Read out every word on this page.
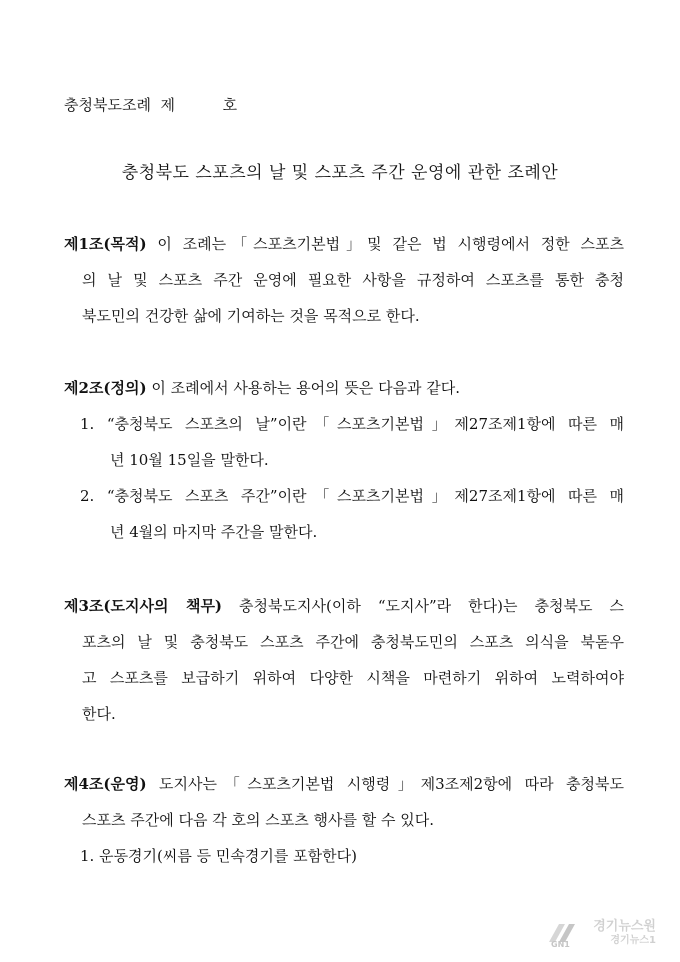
충청북도조례  제          호
충청북도 스포츠의 날 및 스포츠 주간 운영에 관한 조례안
제1조(목적) 이 조례는「스포츠기본법」및 같은 법 시행령에서 정한 스포츠
의 날 및 스포츠 주간 운영에 필요한 사항을 규정하여 스포츠를 통한 충청
북도민의 건강한 삶에 기여하는 것을 목적으로 한다.
제2조(정의) 이 조례에서 사용하는 용어의 뜻은 다음과 같다.
1. “충청북도 스포츠의 날”이란「스포츠기본법」제27조제1항에 따른 매
년 10월 15일을 말한다.
2. “충청북도 스포츠 주간”이란「스포츠기본법」제27조제1항에 따른 매
년 4월의 마지막 주간을 말한다.
제3조(도지사의 책무) 충청북도지사(이하 “도지사”라 한다)는 충청북도 스
포츠의 날 및 충청북도 스포츠 주간에 충청북도민의 스포츠 의식을 북돋우
고 스포츠를 보급하기 위하여 다양한 시책을 마련하기 위하여 노력하여야
한다.
제4조(운영) 도지사는「스포츠기본법 시행령」제3조제2항에 따라 충청북도
스포츠 주간에 다음 각 호의 스포츠 행사를 할 수 있다.
1. 운동경기(씨름 등 민속경기를 포함한다)
GN1
경기뉴스원
경기뉴스1
